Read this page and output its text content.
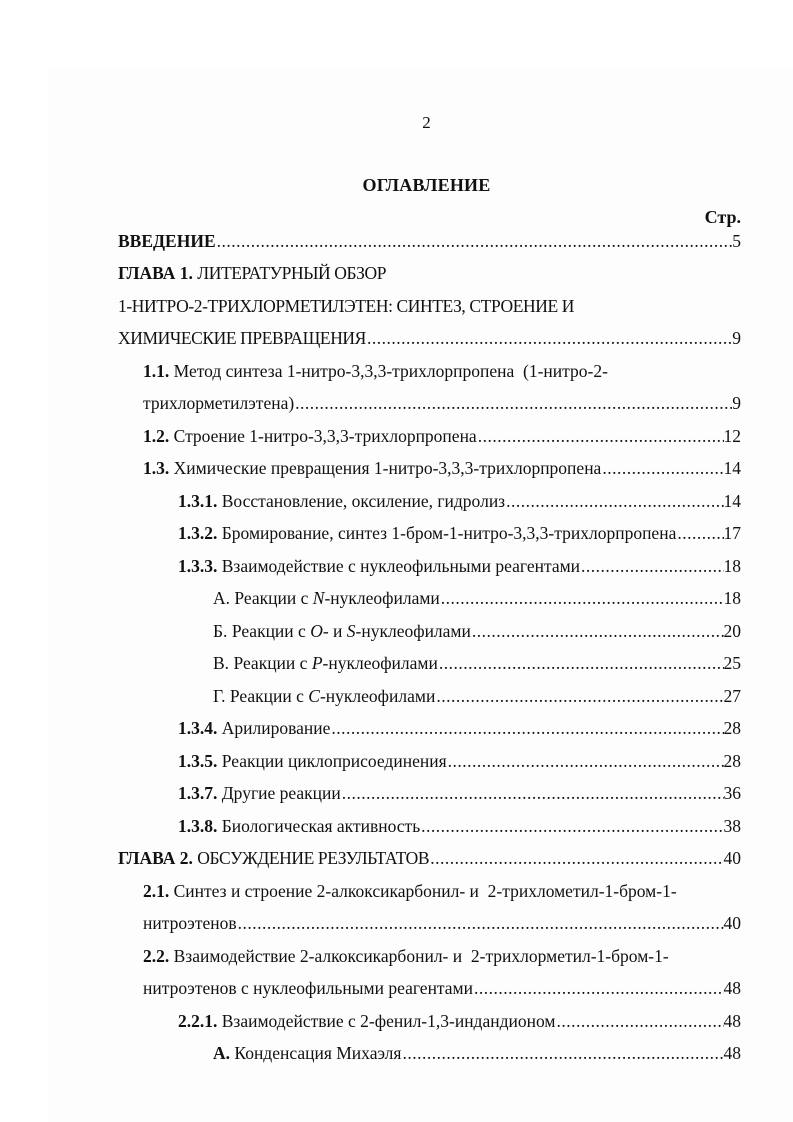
2
ОГЛАВЛЕНИЕ
Стр.
ВВЕДЕНИЕ .....	5
ГЛАВА 1. ЛИТЕРАТУРНЫЙ ОБЗОР
1-НИТРО-2-ТРИХЛОРМЕТИЛЭТЕН: СИНТЕЗ, СТРОЕНИЕ И
ХИМИЧЕСКИЕ ПРЕВРАЩЕНИЯ .....	9
1.1. Метод синтеза 1-нитро-3,3,3-трихлорпропена  (1-нитро-2-
трихлорметилэтена) .....	9
1.2. Строение 1-нитро-3,3,3-трихлорпропена .....	12
1.3. Химические превращения 1-нитро-3,3,3-трихлорпропена .....	14
1.3.1. Восстановление, оксиление, гидролиз .....	14
1.3.2. Бромирование, синтез 1-бром-1-нитро-3,3,3-трихлорпропена .....	17
1.3.3. Взаимодействие с нуклеофильными реагентами .....	18
А. Реакции с N-нуклеофилами .....	18
Б. Реакции с O- и S-нуклеофилами .....	20
В. Реакции с P-нуклеофилами .....	25
Г. Реакции с C-нуклеофилами .....	27
1.3.4. Арилирование .....	28
1.3.5. Реакции циклоприсоединения .....	28
1.3.7. Другие реакции .....	36
1.3.8. Биологическая активность .....	38
ГЛАВА 2. ОБСУЖДЕНИЕ РЕЗУЛЬТАТОВ .....	40
2.1. Синтез и строение 2-алкоксикарбонил- и  2-трихлометил-1-бром-1-
нитроэтенов .....	40
2.2. Взаимодействие 2-алкоксикарбонил- и  2-трихлорметил-1-бром-1-
нитроэтенов с нуклеофильными реагентами .....	48
2.2.1. Взаимодействие с 2-фенил-1,3-индандионом .....	48
А. Конденсация Михаэля .....	48
